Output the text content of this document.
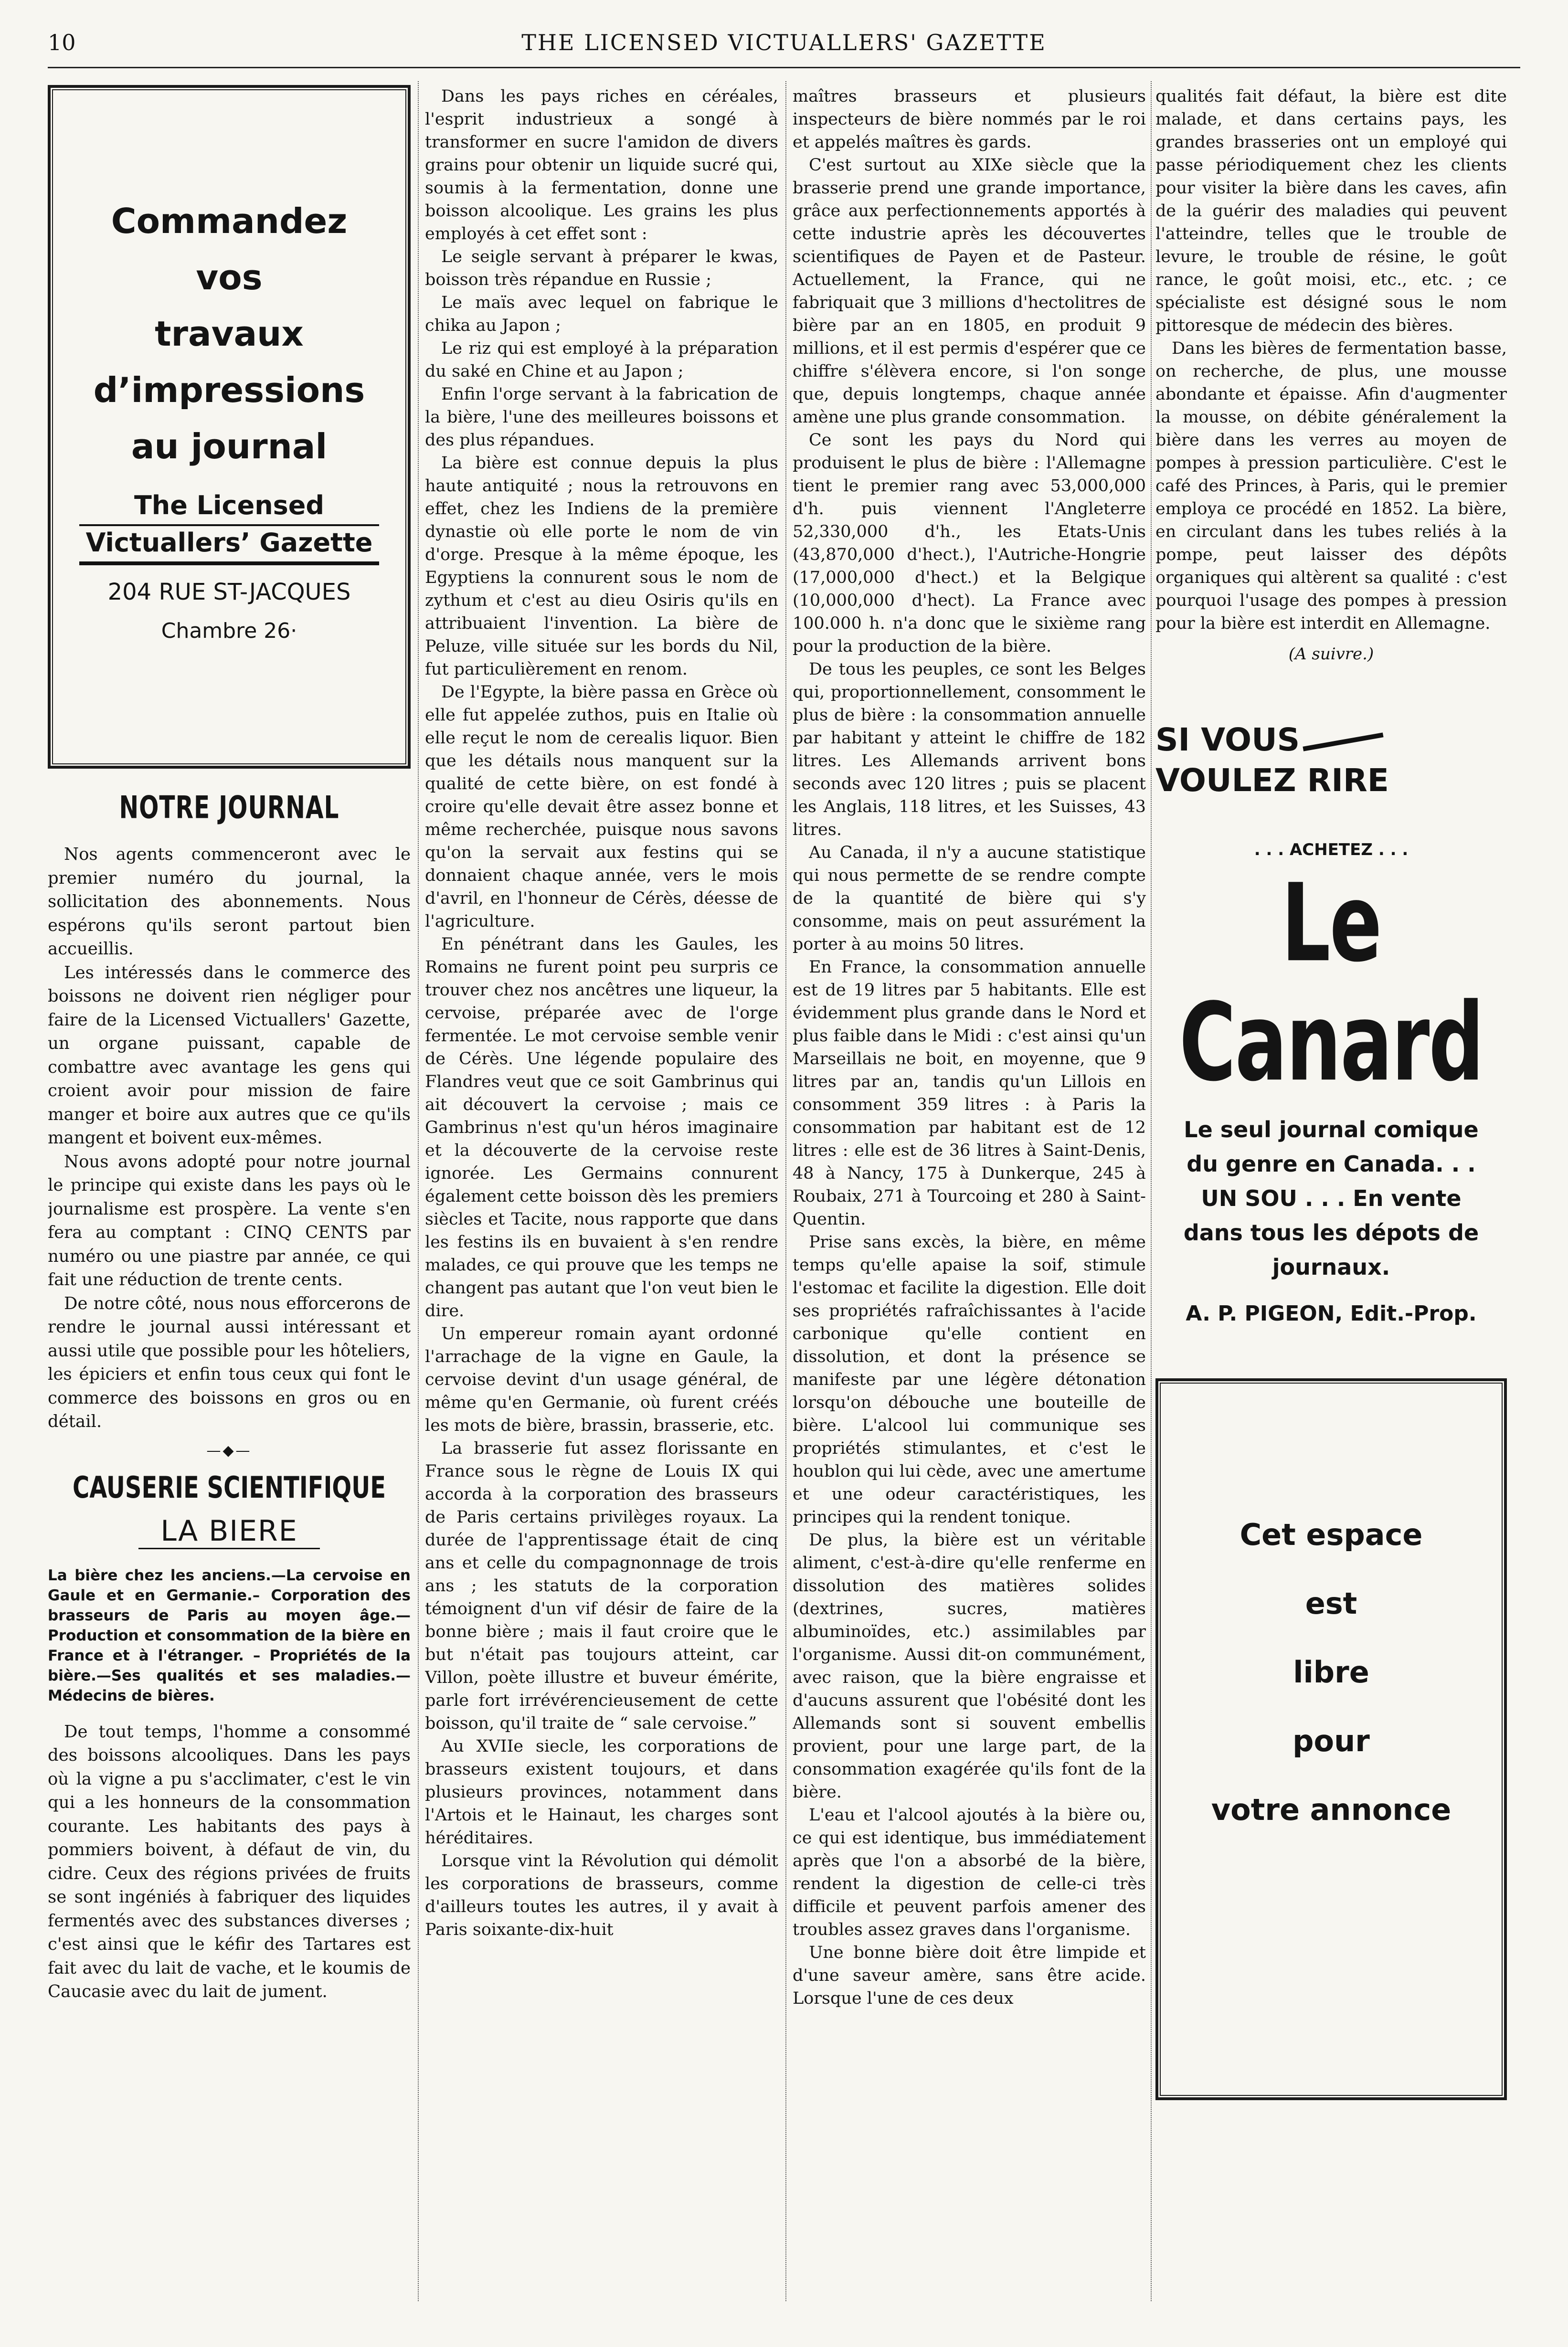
10	THE LICENSED VICTUALLERS' GAZETTE
Commandez
vos
travaux
d’impressions
au journal
The Licensed
Victuallers’ Gazette
204 RUE ST-JACQUES
Chambre 26·
NOTRE JOURNAL

Nos agents commenceront avec le premier numéro du journal, la sollicitation des abonnements. Nous espérons qu'ils seront partout bien accueillis.

Les intéressés dans le commerce des boissons ne doivent rien négliger pour faire de la Licensed Victuallers' Gazette, un organe puissant, capable de combattre avec avantage les gens qui croient avoir pour mission de faire manger et boire aux autres que ce qu'ils mangent et boivent eux-mêmes.

Nous avons adopté pour notre journal le principe qui existe dans les pays où le journalisme est prospère. La vente s'en fera au comptant : CINQ CENTS par numéro ou une piastre par année, ce qui fait une réduction de trente cents.

De notre côté, nous nous efforcerons de rendre le journal aussi intéressant et aussi utile que possible pour les hôteliers, les épiciers et enfin tous ceux qui font le commerce des boissons en gros ou en détail.

—◆—
CAUSERIE SCIENTIFIQUE
LA BIERE
La bière chez les anciens.—La cervoise en Gaule et en Germanie.– Corporation des brasseurs de Paris au moyen âge.—Production et consommation de la bière en France et à l'étranger. – Propriétés de la bière.—Ses qualités et ses maladies.—Médecins de bières.

De tout temps, l'homme a consommé des boissons alcooliques. Dans les pays où la vigne a pu s'acclimater, c'est le vin qui a les honneurs de la consommation courante. Les habitants des pays à pommiers boivent, à défaut de vin, du cidre. Ceux des régions privées de fruits se sont ingéniés à fabriquer des liquides fermentés avec des substances diverses ; c'est ainsi que le kéfir des Tartares est fait avec du lait de vache, et le koumis de Caucasie avec du lait de jument.

Dans les pays riches en céréales, l'esprit industrieux a songé à transformer en sucre l'amidon de divers grains pour obtenir un liquide sucré qui, soumis à la fermentation, donne une boisson alcoolique. Les grains les plus employés à cet effet sont :

Le seigle servant à préparer le kwas, boisson très répandue en Russie ;

Le maïs avec lequel on fabrique le chika au Japon ;

Le riz qui est employé à la préparation du saké en Chine et au Japon ;

Enfin l'orge servant à la fabrication de la bière, l'une des meilleures boissons et des plus répandues.

La bière est connue depuis la plus haute antiquité ; nous la retrouvons en effet, chez les Indiens de la première dynastie où elle porte le nom de vin d'orge. Presque à la même époque, les Egyptiens la connurent sous le nom de zythum et c'est au dieu Osiris qu'ils en attribuaient l'invention. La bière de Peluze, ville située sur les bords du Nil, fut particulièrement en renom.

De l'Egypte, la bière passa en Grèce où elle fut appelée zuthos, puis en Italie où elle reçut le nom de cerealis liquor. Bien que les détails nous manquent sur la qualité de cette bière, on est fondé à croire qu'elle devait être assez bonne et même recherchée, puisque nous savons qu'on la servait aux festins qui se donnaient chaque année, vers le mois d'avril, en l'honneur de Cérès, déesse de l'agriculture.

En pénétrant dans les Gaules, les Romains ne furent point peu surpris ce trouver chez nos ancêtres une liqueur, la cervoise, préparée avec de l'orge fermentée. Le mot cervoise semble venir de Cérès. Une légende populaire des Flandres veut que ce soit Gambrinus qui ait découvert la cervoise ; mais ce Gambrinus n'est qu'un héros imaginaire et la découverte de la cervoise reste ignorée. Les Germains connurent également cette boisson dès les premiers siècles et Tacite, nous rapporte que dans les festins ils en buvaient à s'en rendre malades, ce qui prouve que les temps ne changent pas autant que l'on veut bien le dire.

Un empereur romain ayant ordonné l'arrachage de la vigne en Gaule, la cervoise devint d'un usage général, de même qu'en Germanie, où furent créés les mots de bière, brassin, brasserie, etc.

La brasserie fut assez florissante en France sous le règne de Louis IX qui accorda à la corporation des brasseurs de Paris certains privilèges royaux. La durée de l'apprentissage était de cinq ans et celle du compagnonnage de trois ans ; les statuts de la corporation témoignent d'un vif désir de faire de la bonne bière ; mais il faut croire que le but n'était pas toujours atteint, car Villon, poète illustre et buveur émérite, parle fort irrévérencieusement de cette boisson, qu'il traite de “ sale cervoise.”

Au XVIIe siecle, les corporations de brasseurs existent toujours, et dans plusieurs provinces, notamment dans l'Artois et le Hainaut, les charges sont héréditaires.

Lorsque vint la Révolution qui démolit les corporations de brasseurs, comme d'ailleurs toutes les autres, il y avait à Paris soixante-dix-huit

maîtres brasseurs et plusieurs inspecteurs de bière nommés par le roi et appelés maîtres ès gards.

C'est surtout au XIXe siècle que la brasserie prend une grande importance, grâce aux perfectionnements apportés à cette industrie après les découvertes scientifiques de Payen et de Pasteur. Actuellement, la France, qui ne fabriquait que 3 millions d'hectolitres de bière par an en 1805, en produit 9 millions, et il est permis d'espérer que ce chiffre s'élèvera encore, si l'on songe que, depuis longtemps, chaque année amène une plus grande consommation.

Ce sont les pays du Nord qui produisent le plus de bière : l'Allemagne tient le premier rang avec 53,000,000 d'h. puis viennent l'Angleterre 52,330,000 d'h., les Etats-Unis (43,870,000 d'hect.), l'Autriche-Hongrie (17,000,000 d'hect.) et la Belgique (10,000,000 d'hect). La France avec 100.000 h. n'a donc que le sixième rang pour la production de la bière.

De tous les peuples, ce sont les Belges qui, proportionnellement, consomment le plus de bière : la consommation annuelle par habitant y atteint le chiffre de 182 litres. Les Allemands arrivent bons seconds avec 120 litres ; puis se placent les Anglais, 118 litres, et les Suisses, 43 litres.

Au Canada, il n'y a aucune statistique qui nous permette de se rendre compte de la quantité de bière qui s'y consomme, mais on peut assurément la porter à au moins 50 litres.

En France, la consommation annuelle est de 19 litres par 5 habitants. Elle est évidemment plus grande dans le Nord et plus faible dans le Midi : c'est ainsi qu'un Marseillais ne boit, en moyenne, que 9 litres par an, tandis qu'un Lillois en consomment 359 litres : à Paris la consommation par habitant est de 12 litres : elle est de 36 litres à Saint-Denis, 48 à Nancy, 175 à Dunkerque, 245 à Roubaix, 271 à Tourcoing et 280 à Saint-Quentin.

Prise sans excès, la bière, en même temps qu'elle apaise la soif, stimule l'estomac et facilite la digestion. Elle doit ses propriétés rafraîchissantes à l'acide carbonique qu'elle contient en dissolution, et dont la présence se manifeste par une légère détonation lorsqu'on débouche une bouteille de bière. L'alcool lui communique ses propriétés stimulantes, et c'est le houblon qui lui cède, avec une amertume et une odeur caractéristiques, les principes qui la rendent tonique.

De plus, la bière est un véritable aliment, c'est-à-dire qu'elle renferme en dissolution des matières solides (dextrines, sucres, matières albuminoïdes, etc.) assimilables par l'organisme. Aussi dit-on communément, avec raison, que la bière engraisse et d'aucuns assurent que l'obésité dont les Allemands sont si souvent embellis provient, pour une large part, de la consommation exagérée qu'ils font de la bière.

L'eau et l'alcool ajoutés à la bière ou, ce qui est identique, bus immédiatement après que l'on a absorbé de la bière, rendent la digestion de celle-ci très difficile et peuvent parfois amener des troubles assez graves dans l'organisme.

Une bonne bière doit être limpide et d'une saveur amère, sans être acide. Lorsque l'une de ces deux

qualités fait défaut, la bière est dite malade, et dans certains pays, les grandes brasseries ont un employé qui passe périodiquement chez les clients pour visiter la bière dans les caves, afin de la guérir des maladies qui peuvent l'atteindre, telles que le trouble de levure, le trouble de résine, le goût rance, le goût moisi, etc., etc. ; ce spécialiste est désigné sous le nom pittoresque de médecin des bières.

Dans les bières de fermentation basse, on recherche, de plus, une mousse abondante et épaisse. Afin d'augmenter la mousse, on débite généralement la bière dans les verres au moyen de pompes à pression particulière. C'est le café des Princes, à Paris, qui le premier employa ce procédé en 1852. La bière, en circulant dans les tubes reliés à la pompe, peut laisser des dépôts organiques qui altèrent sa qualité : c'est pourquoi l'usage des pompes à pression pour la bière est interdit en Allemagne.

(A suivre.)
SI VOUS
VOULEZ RIRE
. . . ACHETEZ . . .
Le Canard
Le seul journal comique
du genre en Canada. . .
UN SOU . . . En vente
dans tous les dépots de
journaux.
A. P. PIGEON, Edit.-Prop.
Cet espace
est
libre
pour
votre annonce
